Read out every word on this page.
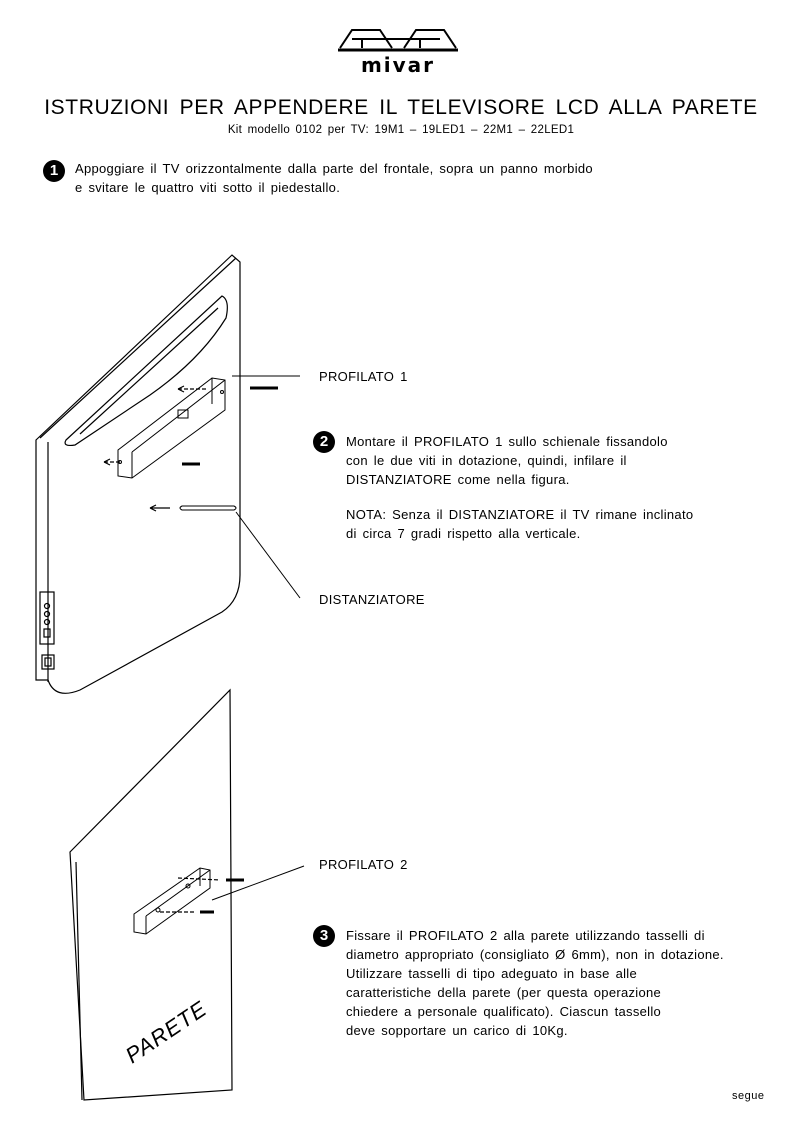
PARETE
mivar
ISTRUZIONI PER APPENDERE IL TELEVISORE LCD ALLA PARETE
Kit modello 0102 per TV: 19M1 – 19LED1 – 22M1 – 22LED1
1	Appoggiare il TV orizzontalmente dalla parte del frontale, sopra un panno morbido

e svitare le quattro viti sotto il piedestallo.

PROFILATO 1
DISTANZIATORE
2	Montare il PROFILATO 1 sullo schienale fissandolo

con le due viti in dotazione, quindi, infilare il

DISTANZIATORE come nella figura.

NOTA: Senza il DISTANZIATORE il TV rimane inclinato

di circa 7 gradi rispetto alla verticale.

PROFILATO 2
3	Fissare il PROFILATO 2 alla parete utilizzando tasselli di

diametro appropriato (consigliato Ø 6mm), non in dotazione.

Utilizzare tasselli di tipo adeguato in base alle

caratteristiche della parete (per questa operazione

chiedere a personale qualificato). Ciascun tassello

deve sopportare un carico di 10Kg.

segue
